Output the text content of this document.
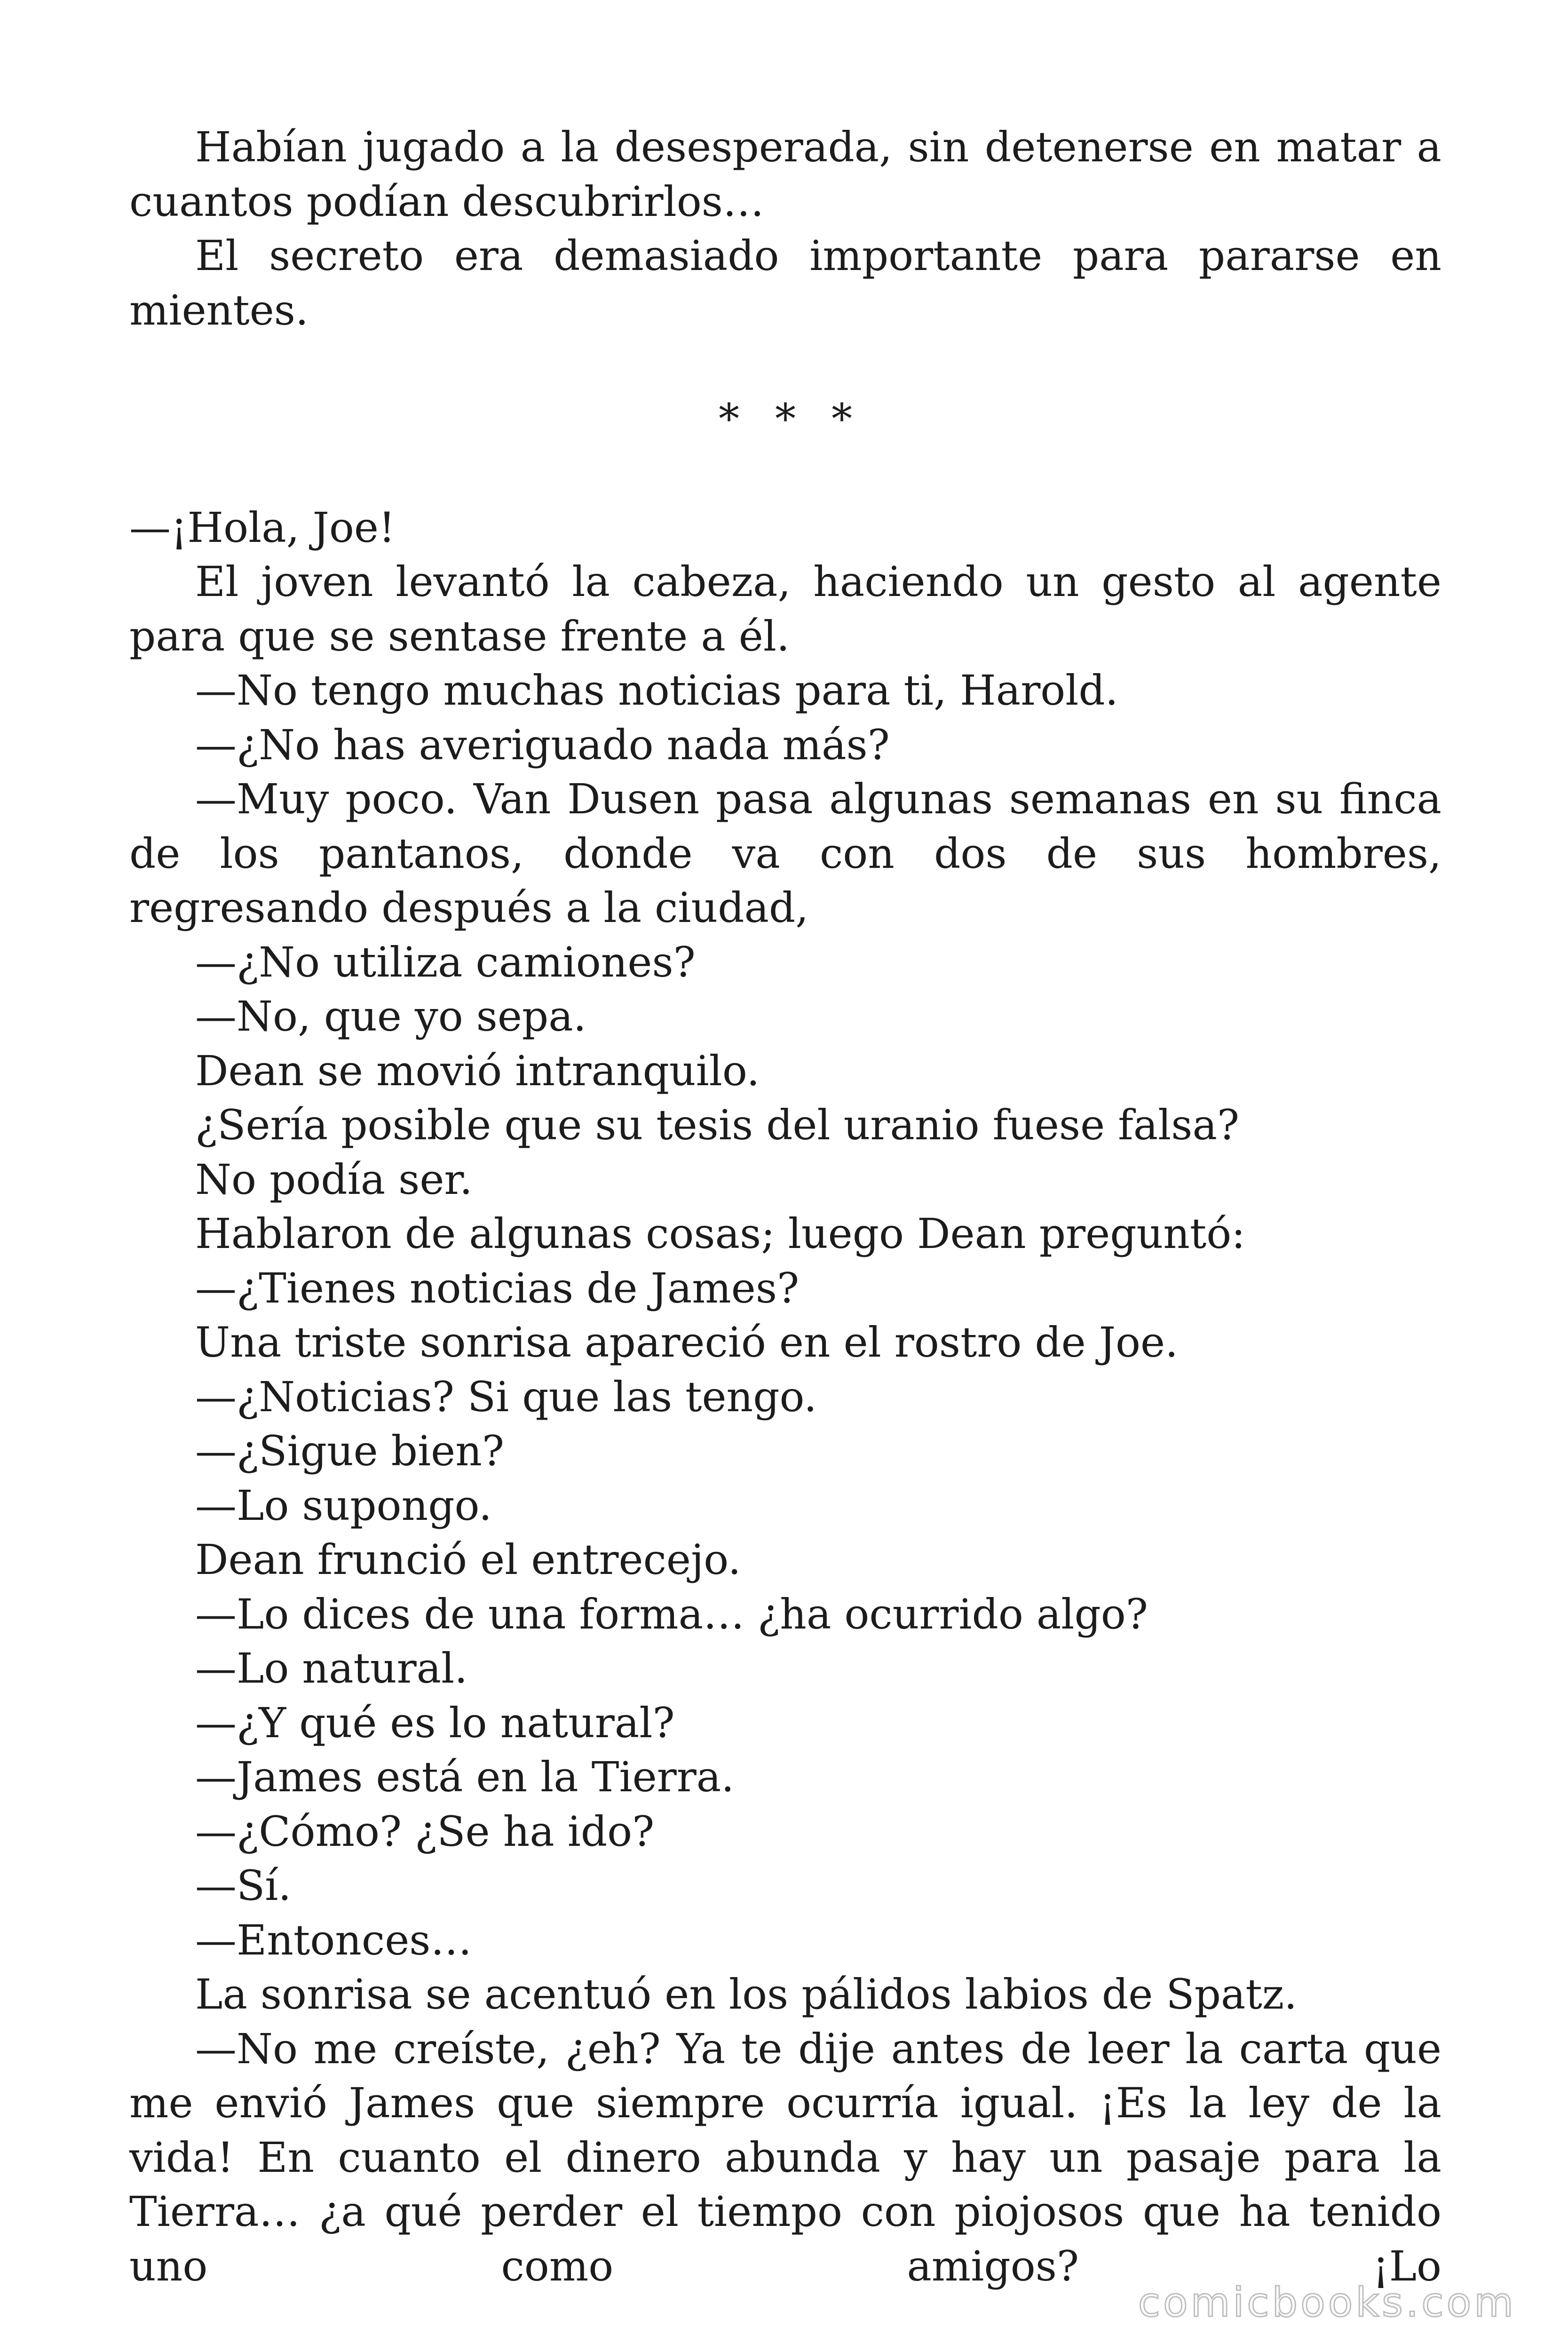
Habían jugado a la desesperada, sin detenerse en matar a cuantos podían descubrirlos…

El secreto era demasiado importante para pararse en mientes.

* * *

—¡Hola, Joe!

El joven levantó la cabeza, haciendo un gesto al agente para que se sentase frente a él.

—No tengo muchas noticias para ti, Harold.

—¿No has averiguado nada más?

—Muy poco. Van Dusen pasa algunas semanas en su finca de los pantanos, donde va con dos de sus hombres, regresando después a la ciudad,

—¿No utiliza camiones?

—No, que yo sepa.

Dean se movió intranquilo.

¿Sería posible que su tesis del uranio fuese falsa?

No podía ser.

Hablaron de algunas cosas; luego Dean preguntó:

—¿Tienes noticias de James?

Una triste sonrisa apareció en el rostro de Joe.

—¿Noticias? Si que las tengo.

—¿Sigue bien?

—Lo supongo.

Dean frunció el entrecejo.

—Lo dices de una forma… ¿ha ocurrido algo?

—Lo natural.

—¿Y qué es lo natural?

—James está en la Tierra.

—¿Cómo? ¿Se ha ido?

—Sí.

—Entonces…

La sonrisa se acentuó en los pálidos labios de Spatz.

—No me creíste, ¿eh? Ya te dije antes de leer la carta que me envió James que siempre ocurría igual. ¡Es la ley de la vida! En cuanto el dinero abunda y hay un pasaje para la Tierra… ¿a qué perder el tiempo con piojosos que ha tenido uno como amigos? ¡Lo

comicbooks.com
